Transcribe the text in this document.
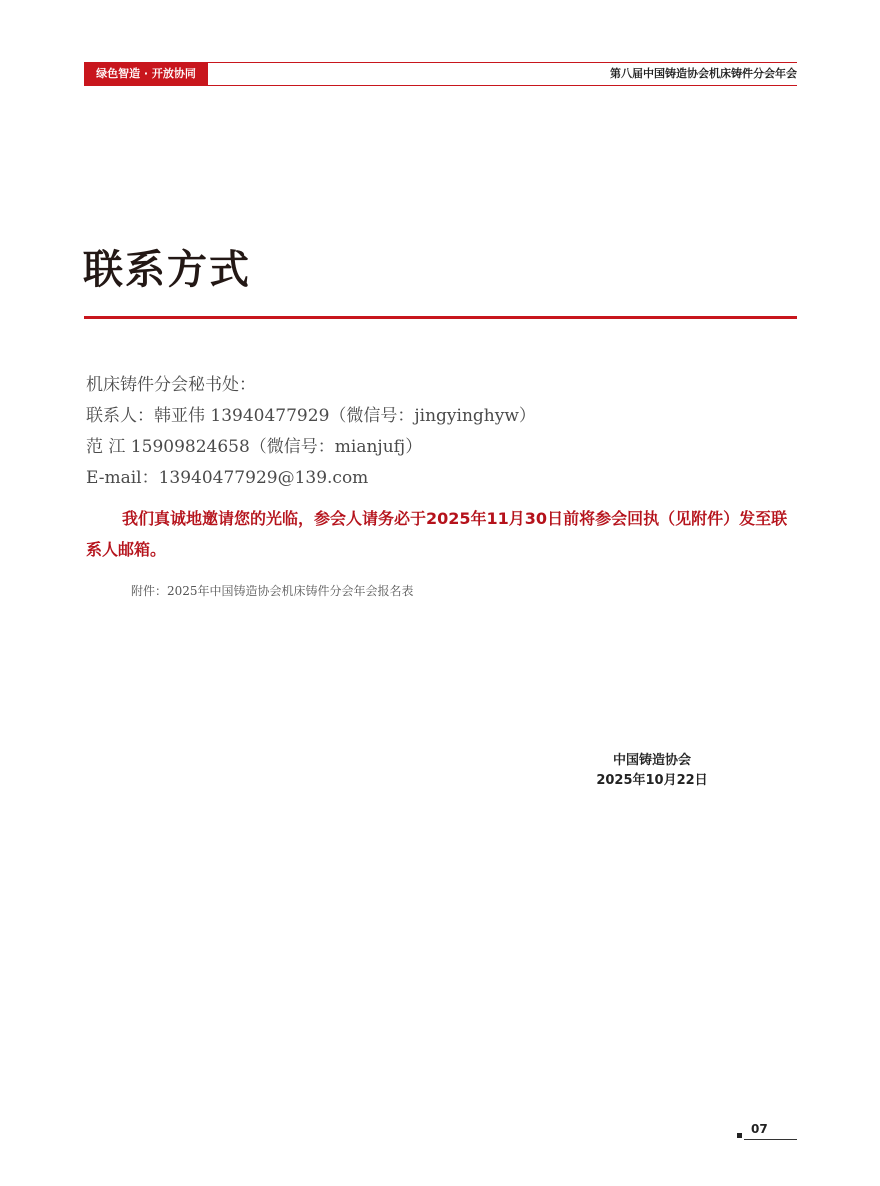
绿色智造 · 开放协同	第八届中国铸造协会机床铸件分会年会
联系方式
机床铸件分会秘书处：
联系人：韩亚伟 13940477929（微信号：jingyinghyw）
范 江 15909824658（微信号：mianjufj）
E-mail：13940477929@139.com

我们真诚地邀请您的光临，参会人请务必于2025年11月30日前将参会回执（见附件）发至联系人邮箱。

附件：2025年中国铸造协会机床铸件分会年会报名表
中国铸造协会
2025年10月22日
07
